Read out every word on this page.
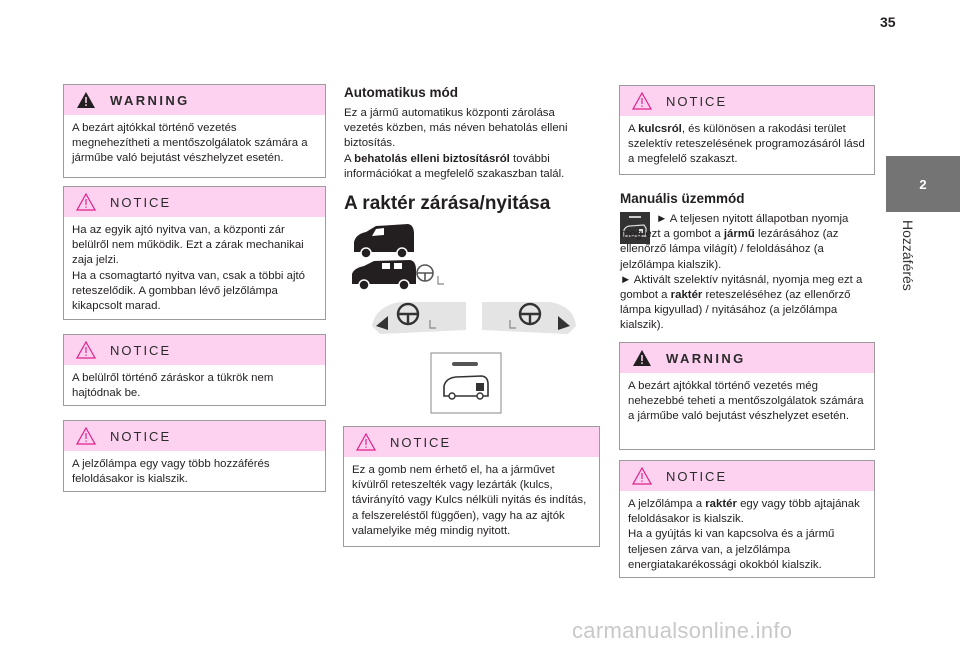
35
2
Hozzáférés
WARNING
A bezárt ajtókkal történő vezetés megnehezítheti a mentőszolgálatok számára a járműbe való bejutást vészhelyzet esetén.
NOTICE
Ha az egyik ajtó nyitva van, a központi zár belülről nem működik. Ezt a zárak mechanikai zaja jelzi.
Ha a csomagtartó nyitva van, csak a többi ajtó reteszelődik. A gombban lévő jelzőlámpa kikapcsolt marad.
NOTICE
A belülről történő záráskor a tükrök nem hajtódnak be.
NOTICE
A jelzőlámpa egy vagy több hozzáférés feloldásakor is kialszik.
Automatikus mód
Ez a jármű automatikus központi zárolása vezetés közben, más néven behatolás elleni biztosítás.
A behatolás elleni biztosításról további információkat a megfelelő szakaszban talál.
A raktér zárása/nyitása
NOTICE
Ez a gomb nem érhető el, ha a járművet kívülről reteszelték vagy lezárták (kulcs, távirányító vagy Kulcs nélküli nyitás és indítás, a felszereléstől függően), vagy ha az ajtók valamelyike még mindig nyitott.
NOTICE
A kulcsról, és különösen a rakodási terület szelektív reteszelésének programozásáról lásd a megfelelő szakaszt.
Manuális üzemmód
► A teljesen nyitott állapotban nyomja meg ezt a gombot a jármű lezárásához (az ellenőrző lámpa világít) / feloldásához (a jelzőlámpa kialszik).
► Aktivált szelektív nyitásnál, nyomja meg ezt a gombot a raktér reteszeléséhez (az ellenőrző lámpa kigyullad) / nyitásához (a jelzőlámpa kialszik).
WARNING
A bezárt ajtókkal történő vezetés még nehezebbé teheti a mentőszolgálatok számára a járműbe való bejutást vészhelyzet esetén.
NOTICE
A jelzőlámpa a raktér egy vagy több ajtajának feloldásakor is kialszik.
Ha a gyújtás ki van kapcsolva és a jármű teljesen zárva van, a jelzőlámpa energiatakarékossági okokból kialszik.
carmanualsonline.info
